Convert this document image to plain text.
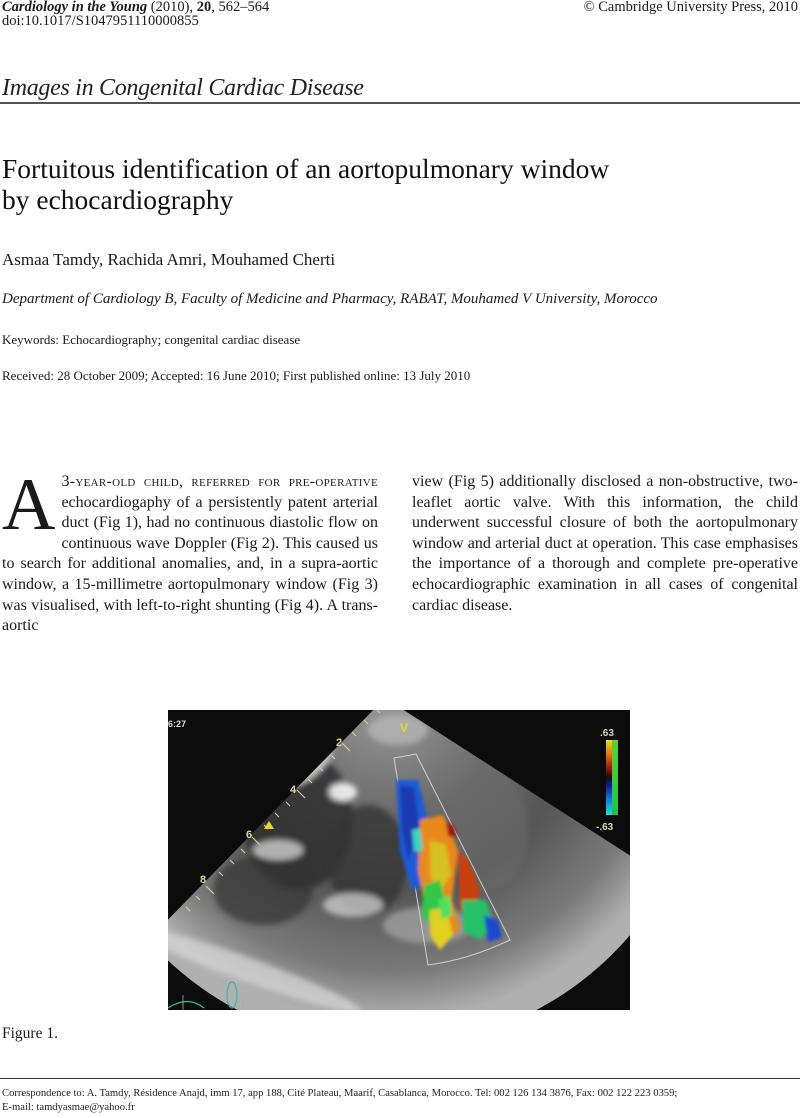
Cardiology in the Young (2010), 20, 562–564
doi:10.1017/S1047951110000855
© Cambridge University Press, 2010
Images in Congenital Cardiac Disease
Fortuitous identification of an aortopulmonary window
by echocardiography
Asmaa Tamdy, Rachida Amri, Mouhamed Cherti
Department of Cardiology B, Faculty of Medicine and Pharmacy, RABAT, Mouhamed V University, Morocco
Keywords: Echocardiography; congenital cardiac disease
Received: 28 October 2009; Accepted: 16 June 2010; First published online: 13 July 2010
A 3-year-old child, referred for pre-operative echocardiogaphy of a persistently patent arterial duct (Fig 1), had no continuous diastolic flow on continuous wave Doppler (Fig 2). This caused us to search for additional anomalies, and, in a supra-aortic window, a 15-millimetre aortopulmonary window (Fig 3) was visualised, with left-to-right shunting (Fig 4). A trans-aortic
view (Fig 5) additionally disclosed a non-obstructive, two-leaflet aortic valve. With this information, the child underwent successful closure of both the aortopulmonary window and arterial duct at operation. This case emphasises the importance of a thorough and complete pre-operative echocardiographic examination in all cases of congenital cardiac disease.
2
4
6
8
6:27	V	.63
-.63
Figure 1.
Correspondence to: A. Tamdy, Résidence Anajd, imm 17, app 188, Cité Plateau, Maarif, Casablanca, Morocco. Tel: 002 126 134 3876, Fax: 002 122 223 0359;
E-mail: tamdyasmae@yahoo.fr
